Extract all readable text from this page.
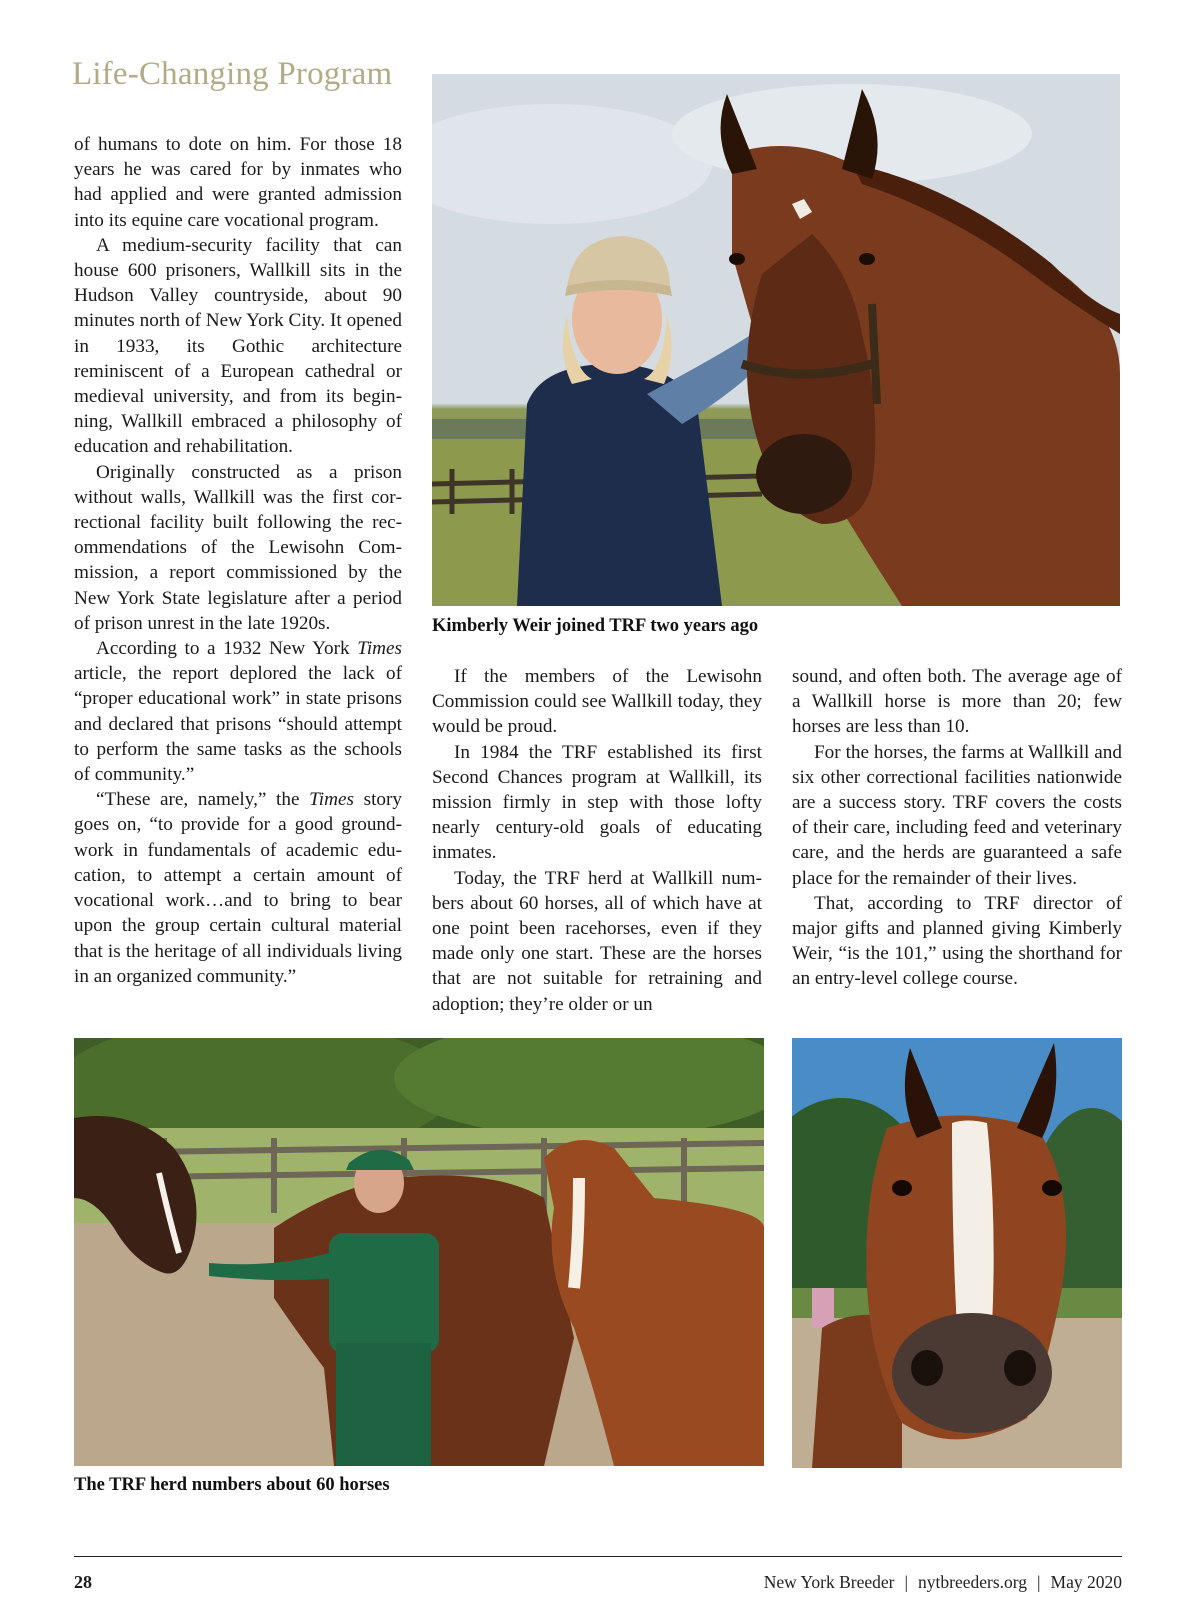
Life-Changing Program

of humans to dote on him. For those 18 years he was cared for by inmates who had applied and were granted admission into its equine care vocational program.

A medium-security facility that can house 600 prisoners, Wallkill sits in the Hudson Valley countryside, about 90 minutes north of New York City. It opened in 1933, its Gothic architecture reminiscent of a European cathedral or medieval university, and from its beginning, Wallkill embraced a philosophy of education and rehabilitation.

Originally constructed as a prison without walls, Wallkill was the first correctional facility built following the recommendations of the Lewisohn Commission, a report commissioned by the New York State legislature after a period of prison unrest in the late 1920s.

According to a 1932 New York Times article, the report deplored the lack of “proper educational work” in state prisons and declared that prisons “should attempt to perform the same tasks as the schools of community.”

“These are, namely,” the Times story goes on, “to provide for a good groundwork in fundamentals of academic education, to attempt a certain amount of vocational work…and to bring to bear upon the group certain cultural material that is the heritage of all individuals living in an organized community.”

Kimberly Weir joined TRF two years ago

If the members of the Lewisohn Commission could see Wallkill today, they would be proud.

In 1984 the TRF established its first Second Chances program at Wallkill, its mission firmly in step with those lofty nearly century-old goals of educating inmates.

Today, the TRF herd at Wallkill numbers about 60 horses, all of which have at one point been racehorses, even if they made only one start. These are the horses that are not suitable for retraining and adoption; they’re older or un

sound, and often both. The average age of a Wallkill horse is more than 20; few horses are less than 10.

For the horses, the farms at Wallkill and six other correctional facilities nationwide are a success story. TRF covers the costs of their care, including feed and veterinary care, and the herds are guaranteed a safe place for the remainder of their lives.

That, according to TRF director of major gifts and planned giving Kimberly Weir, “is the 101,” using the shorthand for an entry-level college course.

The TRF herd numbers about 60 horses
28	New York Breeder | nytbreeders.org | May 2020
